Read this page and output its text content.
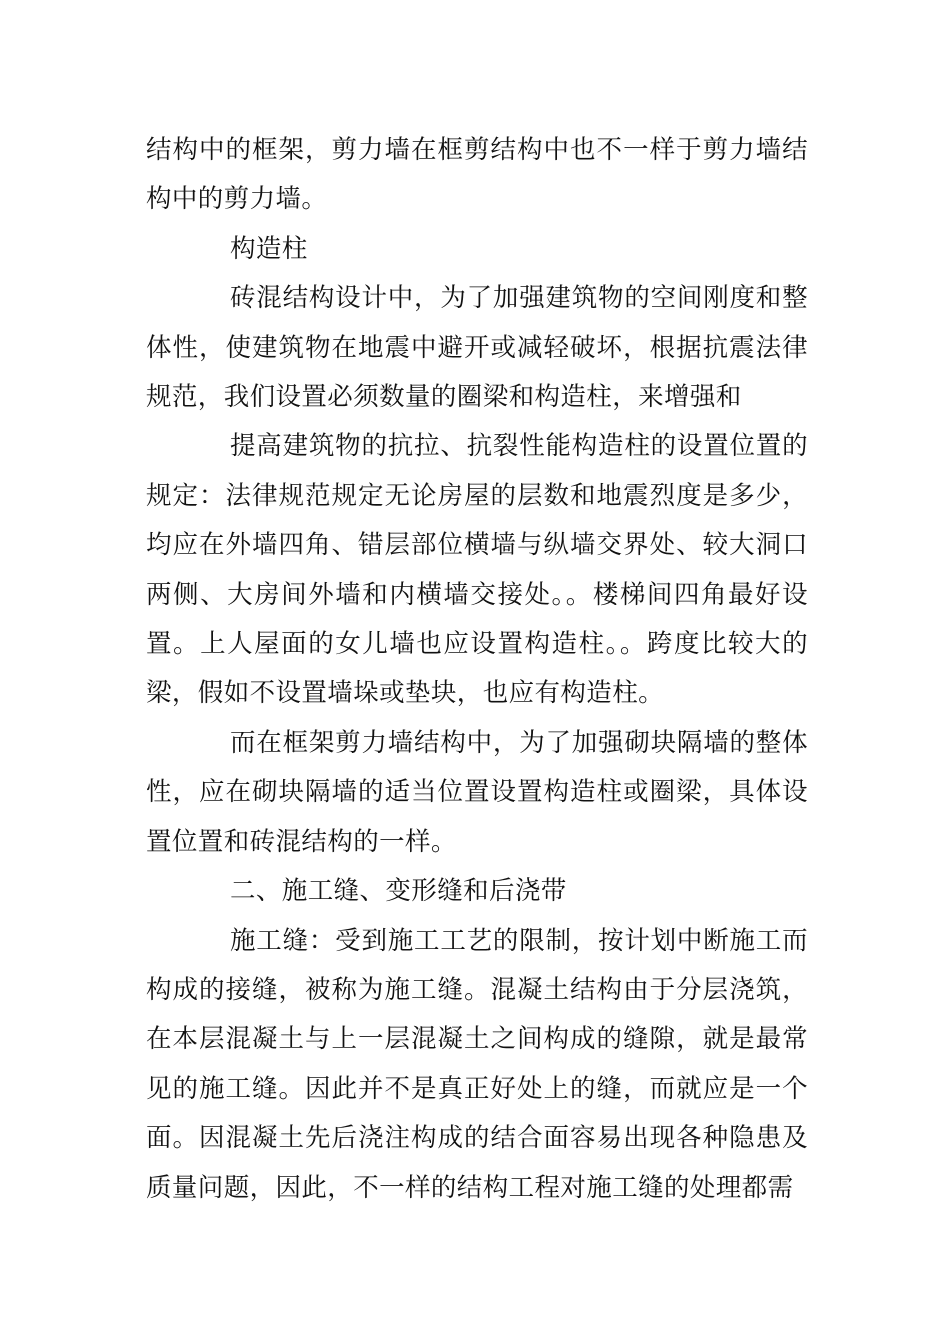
结构中的框架，剪力墙在框剪结构中也不一样于剪力墙结构中的剪力墙。

构造柱

砖混结构设计中，为了加强建筑物的空间刚度和整体性，使建筑物在地震中避开或减轻破坏，根据抗震法律规范，我们设置必须数量的圈梁和构造柱，来增强和

提高建筑物的抗拉、抗裂性能构造柱的设置位置的规定：法律规范规定无论房屋的层数和地震烈度是多少，均应在外墙四角、错层部位横墙与纵墙交界处、较大洞口两侧、大房间外墙和内横墙交接处。。楼梯间四角最好设置。上人屋面的女儿墙也应设置构造柱。。跨度比较大的梁，假如不设置墙垛或垫块，也应有构造柱。

而在框架剪力墙结构中，为了加强砌块隔墙的整体性，应在砌块隔墙的适当位置设置构造柱或圈梁，具体设置位置和砖混结构的一样。

二、施工缝、变形缝和后浇带

施工缝：受到施工工艺的限制，按计划中断施工而构成的接缝，被称为施工缝。混凝土结构由于分层浇筑，在本层混凝土与上一层混凝土之间构成的缝隙，就是最常见的施工缝。因此并不是真正好处上的缝，而就应是一个面。因混凝土先后浇注构成的结合面容易出现各种隐患及质量问题，因此，不一样的结构工程对施工缝的处理都需
